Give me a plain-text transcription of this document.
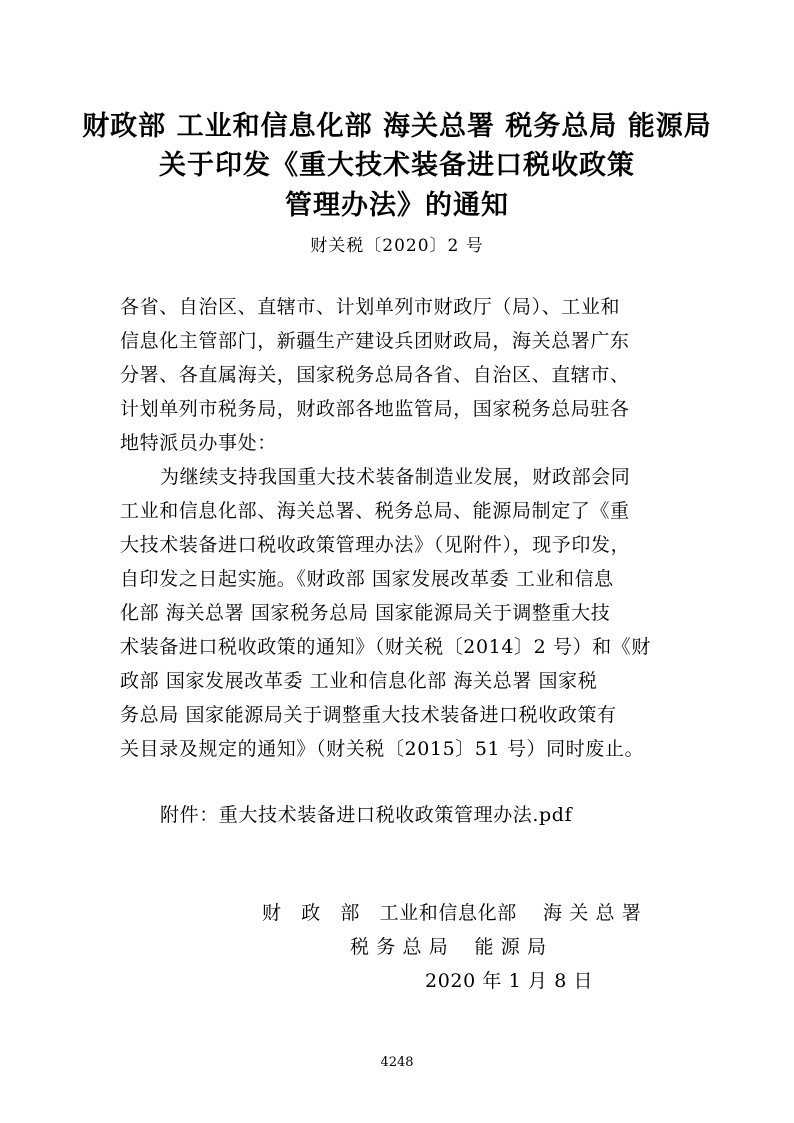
财政部 工业和信息化部 海关总署 税务总局 能源局
关于印发《重大技术装备进口税收政策
管理办法》的通知
财关税〔2020〕2 号
各省、自治区、直辖市、计划单列市财政厅（局）、工业和
信息化主管部门，新疆生产建设兵团财政局，海关总署广东
分署、各直属海关，国家税务总局各省、自治区、直辖市、
计划单列市税务局，财政部各地监管局，国家税务总局驻各
地特派员办事处：
为继续支持我国重大技术装备制造业发展，财政部会同
工业和信息化部、海关总署、税务总局、能源局制定了《重
大技术装备进口税收政策管理办法》（见附件），现予印发，
自印发之日起实施。《财政部 国家发展改革委 工业和信息
化部 海关总署 国家税务总局 国家能源局关于调整重大技
术装备进口税收政策的通知》（财关税〔2014〕2 号）和《财
政部 国家发展改革委 工业和信息化部 海关总署 国家税
务总局 国家能源局关于调整重大技术装备进口税收政策有
关目录及规定的通知》（财关税〔2015〕51 号）同时废止。
附件：重大技术装备进口税收政策管理办法.pdf
财　政　部　工业和信息化部　 海 关 总 署
税 务 总 局　 能 源 局
2020 年 1 月 8 日
4248
